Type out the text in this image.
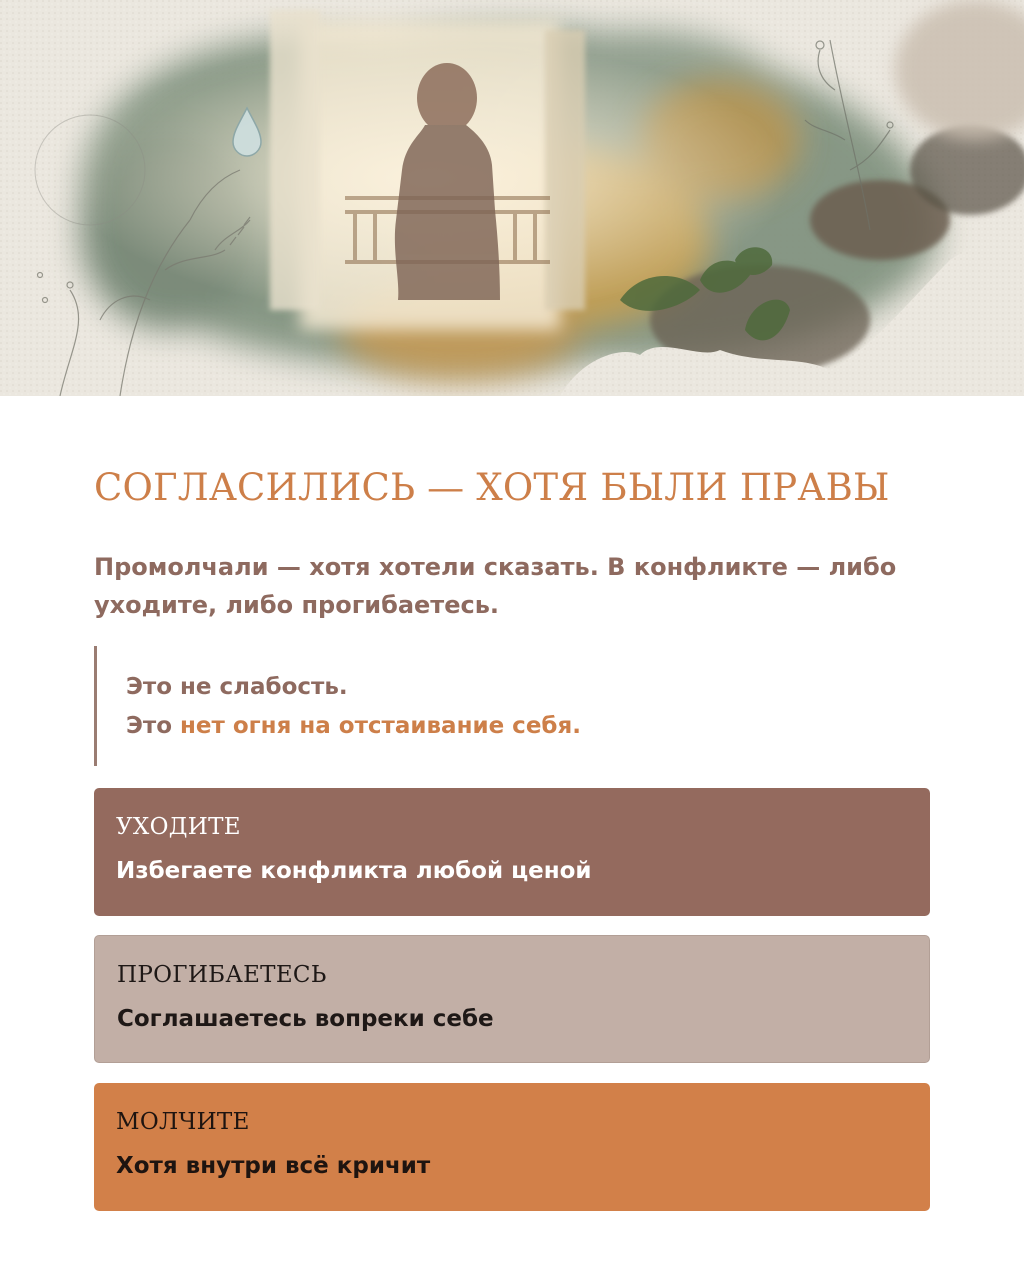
СОГЛАСИЛИСЬ — ХОТЯ БЫЛИ ПРАВЫ

Промолчали — хотя хотели сказать. В конфликте — либо уходите, либо прогибаетесь.

Это не слабость.

Это нет огня на отстаивание себя.

УХОДИТЕ

Избегаете конфликта любой ценой

ПРОГИБАЕТЕСЬ

Соглашаетесь вопреки себе

МОЛЧИТЕ

Хотя внутри всё кричит
